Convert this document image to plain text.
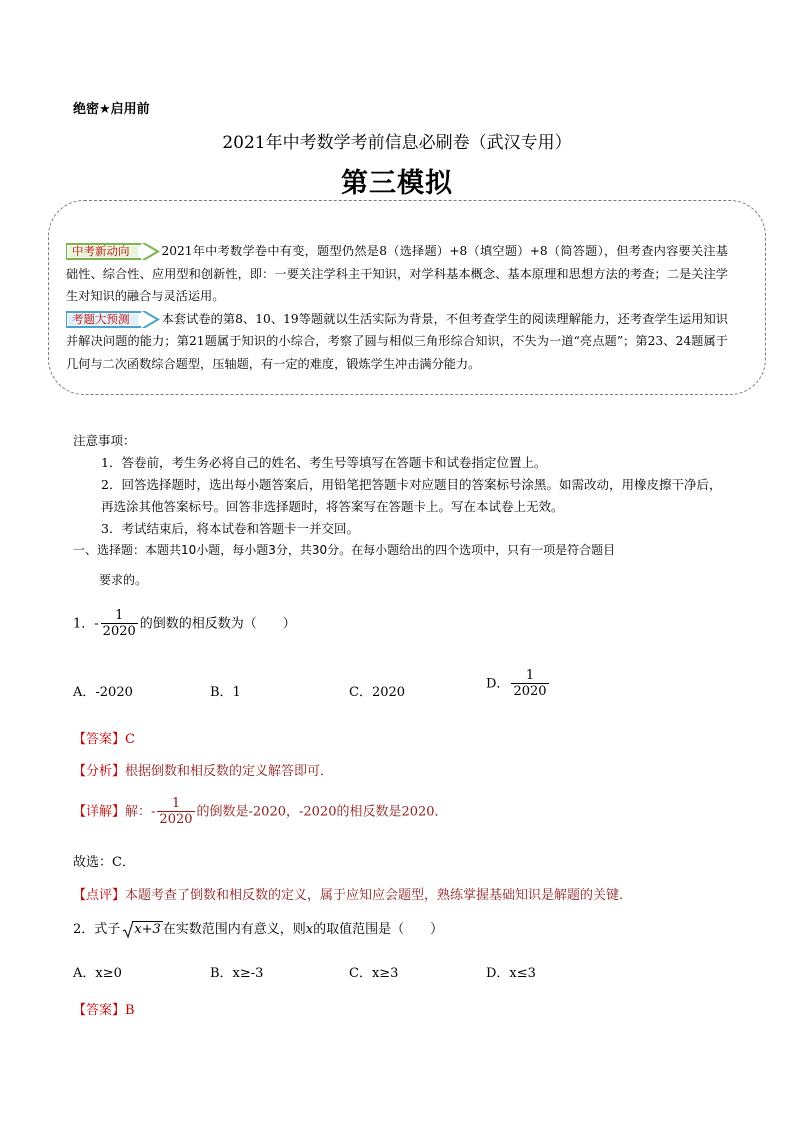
绝密★启用前
2021年中考数学考前信息必刷卷（武汉专用）
第三模拟
中考新动向	2021年中考数学卷中有变，题型仍然是8（选择题）+8（填空题）+8（简答题），但考查内容要关注基础性、综合性、应用型和创新性，即：一要关注学科主干知识，对学科基本概念、基本原理和思想方法的考查；二是关注学生对知识的融合与灵活运用。

考题大预测	本套试卷的第8、10、19等题就以生活实际为背景，不但考查学生的阅读理解能力，还考查学生运用知识并解决问题的能力；第21题属于知识的小综合，考察了圆与相似三角形综合知识，不失为一道“亮点题”；第23、24题属于几何与二次函数综合题型，压轴题，有一定的难度，锻炼学生冲击满分能力。
注意事项：
1．答卷前，考生务必将自己的姓名、考生号等填写在答题卡和试卷指定位置上。
2．回答选择题时，选出每小题答案后，用铅笔把答题卡对应题目的答案标号涂黑。如需改动，用橡皮擦干净后，再选涂其他答案标号。回答非选择题时，将答案写在答题卡上。写在本试卷上无效。
3．考试结束后，将本试卷和答题卡一并交回。
一、选择题：本题共10小题，每小题3分，共30分。在每小题给出的四个选项中，只有一项是符合题目
要求的。
1．- $\frac{1}{2020}$ 的倒数的相反数为（　　）
A．-2020	B．1	C．2020
D． $\frac{1}{2020}$
【答案】C
【分析】根据倒数和相反数的定义解答即可．
【详解】解：- $\frac{1}{2020}$ 的倒数是-2020，-2020的相反数是2020．
故选：C．
【点评】本题考查了倒数和相反数的定义，属于应知应会题型，熟练掌握基础知识是解题的关键．
2．式子 x+3 在实数范围内有意义，则x的取值范围是（　　）
A．x≥0	B．x≥-3	C．x≥3	D．x≤3
【答案】B
